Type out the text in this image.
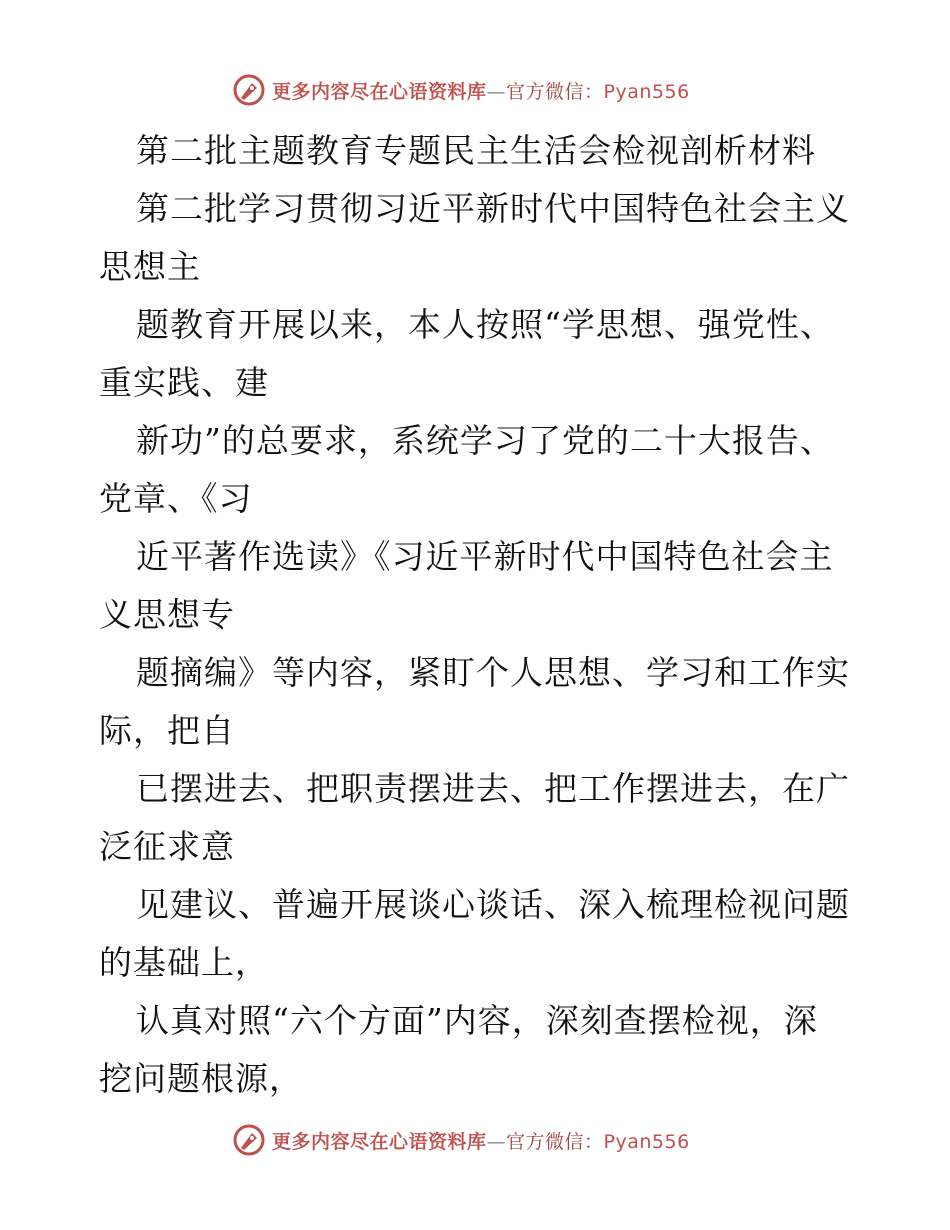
更多内容尽在心语资料库—官方微信：Pyan556
第二批主题教育专题民主生活会检视剖析材料
第二批学习贯彻习近平新时代中国特色社会主义
思想主
题教育开展以来，本人按照“学思想、强党性、
重实践、建
新功”的总要求，系统学习了党的二十大报告、
党章、《习
近平著作选读》《习近平新时代中国特色社会主
义思想专
题摘编》等内容，紧盯个人思想、学习和工作实
际，把自
已摆进去、把职责摆进去、把工作摆进去，在广
泛征求意
见建议、普遍开展谈心谈话、深入梳理检视问题
的基础上，
认真对照“六个方面”内容，深刻查摆检视，深
挖问题根源，
更多内容尽在心语资料库—官方微信：Pyan556
